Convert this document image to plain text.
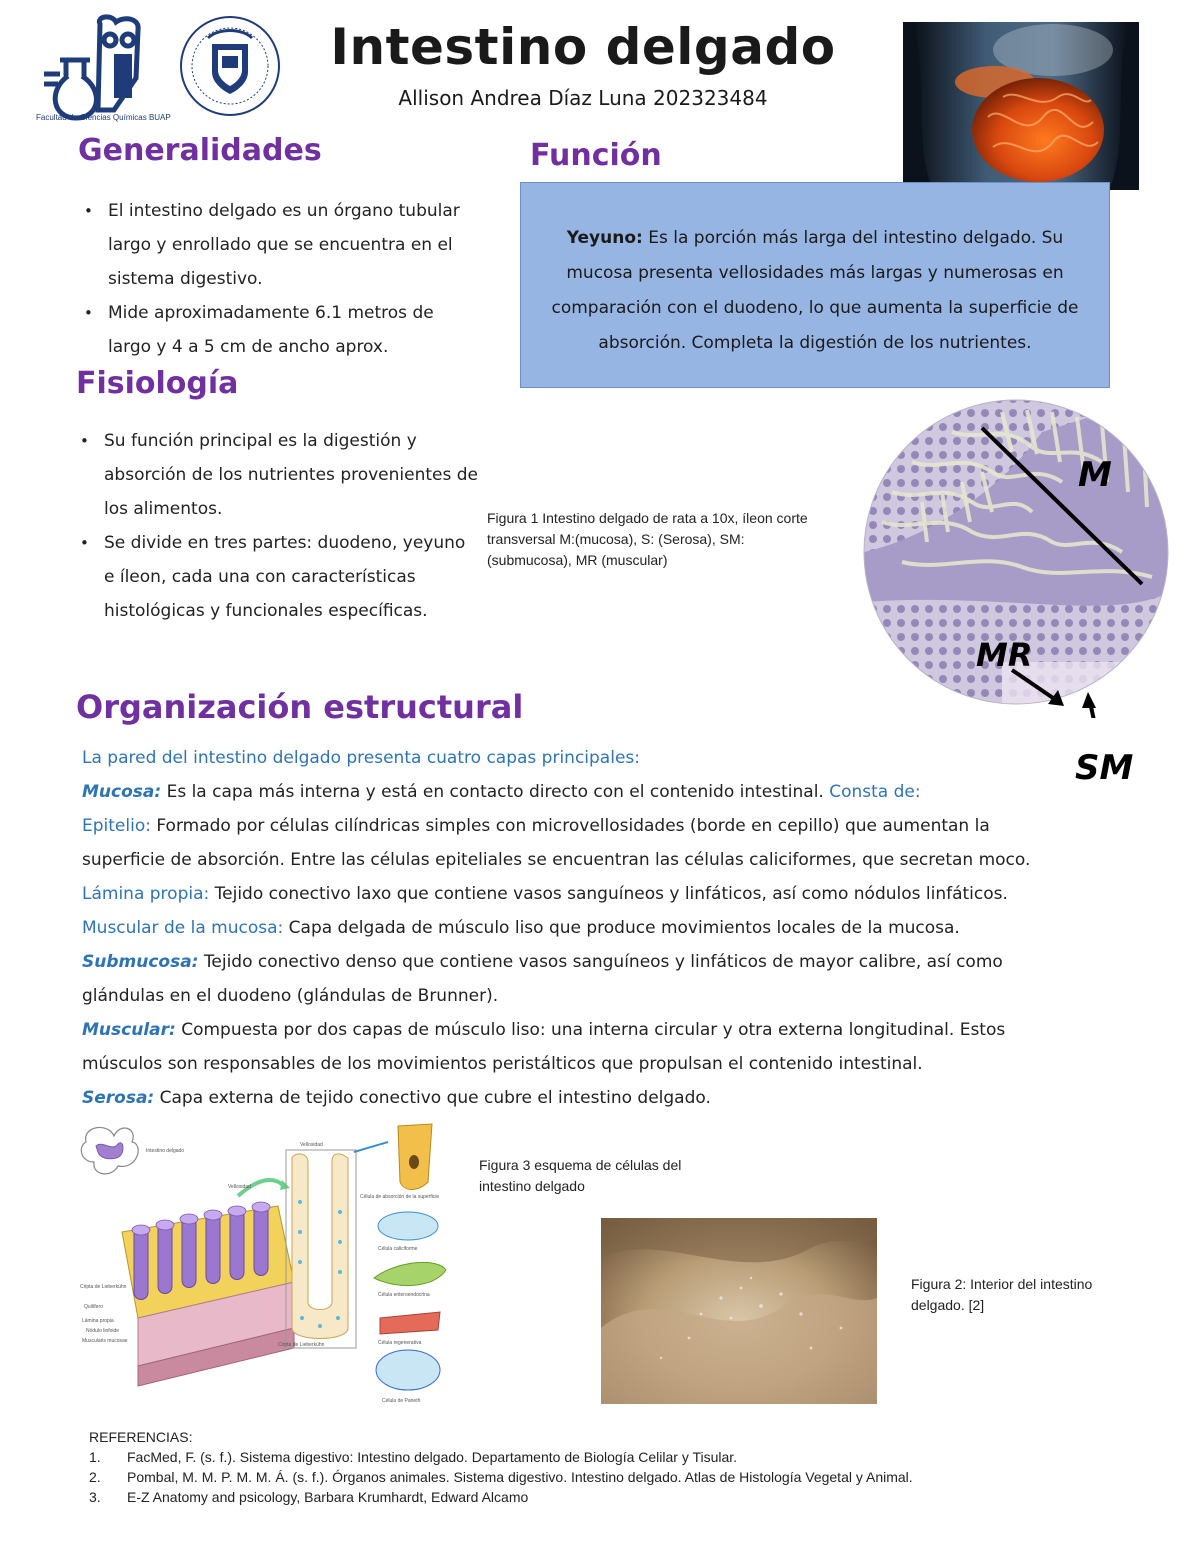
Facultad de Ciencias Químicas BUAP
Intestino delgado
Allison Andrea Díaz Luna 202323484
Generalidades
• El intestino delgado es un órgano tubular largo y enrollado que se encuentra en el sistema digestivo.
• Mide aproximadamente 6.1 metros de largo y 4 a 5 cm de ancho aprox.
Función
Yeyuno: Es la porción más larga del intestino delgado. Su mucosa presenta vellosidades más largas y numerosas en comparación con el duodeno, lo que aumenta la superficie de absorción. Completa la digestión de los nutrientes.
Fisiología
• Su función principal es la digestión y absorción de los nutrientes provenientes de los alimentos.
• Se divide en tres partes: duodeno, yeyuno e íleon, cada una con características histológicas y funcionales específicas.
M
MR
SM
Figura 1 Intestino delgado de rata a 10x, íleon corte transversal M:(mucosa), S: (Serosa), SM: (submucosa), MR (muscular)
Organización estructural

La pared del intestino delgado presenta cuatro capas principales:

Mucosa: Es la capa más interna y está en contacto directo con el contenido intestinal. Consta de:

Epitelio: Formado por células cilíndricas simples con microvellosidades (borde en cepillo) que aumentan la

superficie de absorción. Entre las células epiteliales se encuentran las células caliciformes, que secretan moco.

Lámina propia: Tejido conectivo laxo que contiene vasos sanguíneos y linfáticos, así como nódulos linfáticos.

Muscular de la mucosa: Capa delgada de músculo liso que produce movimientos locales de la mucosa.

Submucosa: Tejido conectivo denso que contiene vasos sanguíneos y linfáticos de mayor calibre, así como

glándulas en el duodeno (glándulas de Brunner).

Muscular: Compuesta por dos capas de músculo liso: una interna circular y otra externa longitudinal. Estos

músculos son responsables de los movimientos peristálticos que propulsan el contenido intestinal.

Serosa: Capa externa de tejido conectivo que cubre el intestino delgado.

Intestino delgado
Vellosidad
Cripta de Lieberkühn
Quilífero
Lámina propia
Nódulo linfoide
Muscularis mucosae
Vellosidad
Cripta de Lieberkühn
Célula de absorción de la superficie
Célula caliciforme
Célula enteroendocrina
Célula regenerativa
Célula de Paneth
Figura 3 esquema de células del intestino delgado
Figura 2: Interior del intestino delgado. [2]
REFERENCIAS:
1. FacMed, F. (s. f.). Sistema digestivo: Intestino delgado. Departamento de Biología Celilar y Tisular.
2. Pombal, M. M. P. M. M. Á. (s. f.). Órganos animales. Sistema digestivo. Intestino delgado. Atlas de Histología Vegetal y Animal.
3. E-Z Anatomy and psicology, Barbara Krumhardt, Edward Alcamo
